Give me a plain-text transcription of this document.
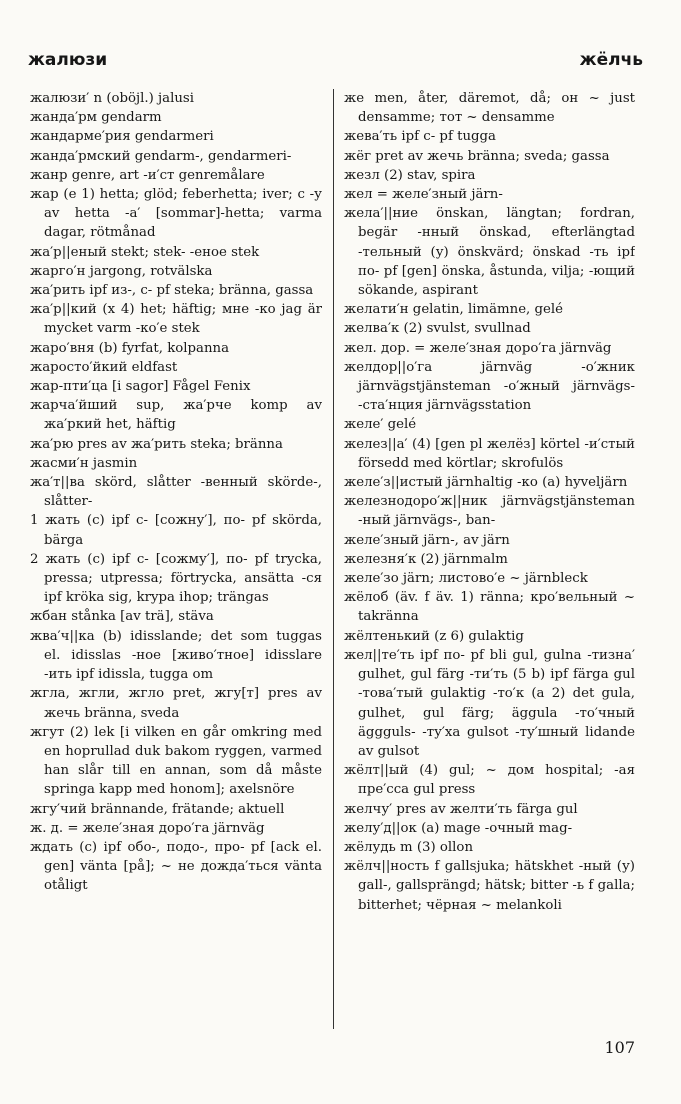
жалюзи	жёлчь

жалюзи′ n (oböjl.) jalusi

жанда′рм gendarm

жандарме′рия gendarmeri

жанда′рмский gendarm-, gendarmeri-

жанр genre, art -и′ст genremålare

жар (e 1) hetta; glöd; feberhetta; iver; с -у av hetta -а′ [sommar]-hetta; varma dagar, rötmånad

жа′р||еный stekt; stek- -еное stek

жарго′н jargong, rotvälska

жа′рить ipf из-, с- pf steka; bränna, gassa

жа′р||кий (x 4) het; häftig; мне -ко jag är mycket varm -ко′е stek

жаро′вня (b) fyrfat, kolpanna

жаросто′йкий eldfast

жар-пти′ца [i sagor] Fågel Fenix

жарча′йший sup, жа′рче komp av жа′ркий het, häftig

жа′рю pres av жа′рить steka; bränna

жасми′н jasmin

жа′т||ва skörd, slåtter -венный skörde-, slåtter-

1 жать (с) ipf с- [сожну′], по- pf skörda, bärga

2 жать (с) ipf с- [сожму′], по- pf trycka, pressa; utpressa; förtrycka, ansätta -ся ipf kröka sig, krypa ihop; trängas

жбан stånka [av trä], stäva

жва′ч||ка (b) idisslande; det som tuggas el. idisslas -ное [живо′тное] idisslare -ить ipf idissla, tugga om

жгла, жгли, жгло pret, жгу[т] pres av жечь bränna, sveda

жгут (2) lek [i vilken en går omkring med en hoprullad duk bakom ryggen, varmed han slår till en annan, som då måste springa kapp med honom]; axelsnöre

жгу′чий brännande, frätande; aktuell

ж. д. = желе′зная доро′га järnväg

ждать (с) ipf обо-, подо-, про- pf [ack el. gen] vänta [på]; ~ не дожда′ться vänta otåligt

же men, åter, däremot, då; он ~ just densamme; тот ~ densamme

жева′ть ipf с- pf tugga

жёг pret av жечь bränna; sveda; gassa

жезл (2) stav, spira

жел = желе′зный järn-

жела′||ние önskan, längtan; fordran, begär -нный önskad, efterlängtad -тельный (у) önskvärd; önskad -ть ipf по- pf [gen] önska, åstunda, vilja; -ющий sökande, aspirant

желати′н gelatin, limämne, gelé

желва′к (2) svulst, svullnad

жел. дор. = желе′зная доро′га järnväg

желдор||о′га järnväg -о′жник järnvägstjänsteman -о′жный järnvägs- -ста′нция järnvägsstation

желе′ gelé

желез||а′ (4) [gen pl желёз] körtel -и′стый försedd med körtlar; skrofulös

желе′з||истый järnhaltig -ко (a) hyveljärn

железнодоро′ж||ник järnvägstjänsteman -ный järnvägs-, ban-

желе′зный järn-, av järn

железня′к (2) järnmalm

желе′зо järn; листово′е ~ järnbleck

жёлоб (äv. f äv. 1) ränna; кро′вельный ~ takränna

жёлтенький (z 6) gulaktig

жел||те′ть ipf по- pf bli gul, gulna -тизна′ gulhet, gul färg -ти′ть (5 b) ipf färga gul -това′тый gulaktig -то′к (a 2) det gula, gulhet, gul färg; äggula -то′чный äggguls- -ту′ха gulsot -ту′шный lidande av gulsot

жёлт||ый (4) gul; ~ дом hospital; -ая пре′сса gul press

желчу′ pres av желти′ть färga gul

желу′д||ок (a) mage -очный mag-

жёлудь m (3) ollon

жёлч||ность f gallsjuka; hätskhet -ный (у) gall-, gallsprängd; hätsk; bitter -ь f galla; bitterhet; чёрная ~ melankoli

107
